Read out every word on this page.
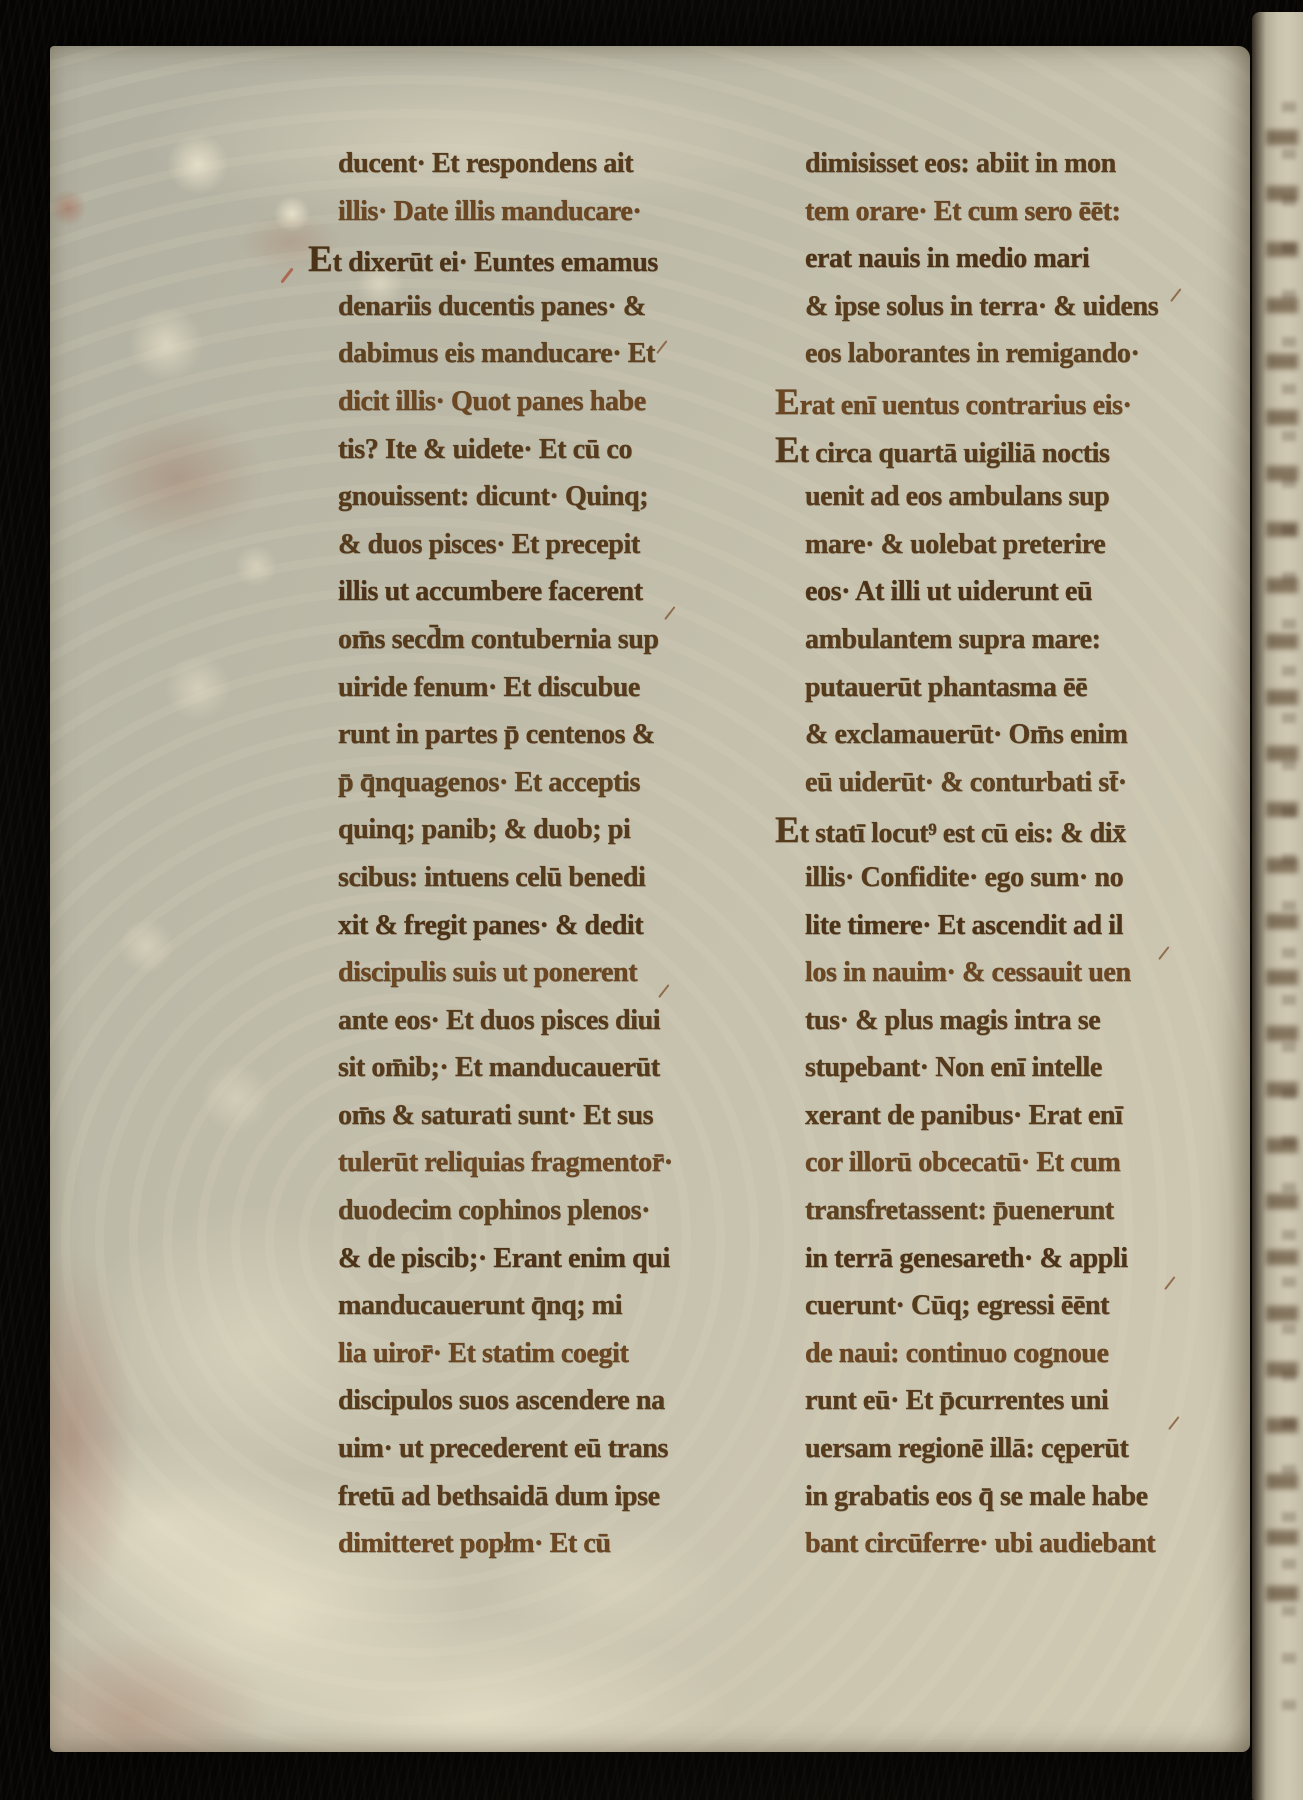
ducent· Et respondens ait
illis· Date illis manducare·
Et dixerūt ei· Euntes emamus
denariis ducentis panes· &
dabimus eis manducare· Et
dicit illis· Quot panes habe
tis? Ite & uidete· Et cū co
gnouissent: dicunt· Quinq;
& duos pisces· Et precepit
illis ut accumbere facerent
om̄s secd̄m contubernia sup
uiride fenum· Et discubue
runt in partes p̄ centenos &
p̄ q̄nquagenos· Et acceptis
quinq; panib; & duob; pi
scibus: intuens celū benedi
xit & fregit panes· & dedit
discipulis suis ut ponerent
ante eos· Et duos pisces diui
sit om̄ib;· Et manducauerūt
om̄s & saturati sunt· Et sus
tulerūt reliquias fragmentor̄·
duodecim cophinos plenos·
& de piscib;· Erant enim qui
manducauerunt q̄nq; mi
lia uiror̄· Et statim coegit
discipulos suos ascendere na
uim· ut precederent eū trans
fretū ad bethsaidā dum ipse
dimitteret popłm· Et cū
dimisisset eos: abiit in mon
tem orare· Et cum sero ēēt:
erat nauis in medio mari
& ipse solus in terra· & uidens
eos laborantes in remigando·
Erat enī uentus contrarius eis·
Et circa quartā uigiliā noctis
uenit ad eos ambulans sup
mare· & uolebat preterire
eos· At illi ut uiderunt eū
ambulantem supra mare:
putauerūt phantasma ēē
& exclamauerūt· Om̄s enim
eū uiderūt· & conturbati st̄·
Et statī locut⁹ est cū eis: & dix̄
illis· Confidite· ego sum· no
lite timere· Et ascendit ad il
los in nauim· & cessauit uen
tus· & plus magis intra se
stupebant· Non enī intelle
xerant de panibus· Erat enī
cor illorū obcecatū· Et cum
transfretassent: p̄uenerunt
in terrā genesareth· & appli
cuerunt· Cūq; egressi ēēnt
de naui: continuo cognoue
runt eū· Et p̄currentes uni
uersam regionē illā: cęperūt
in grabatis eos q̄ se male habe
bant circūferre· ubi audiebant
